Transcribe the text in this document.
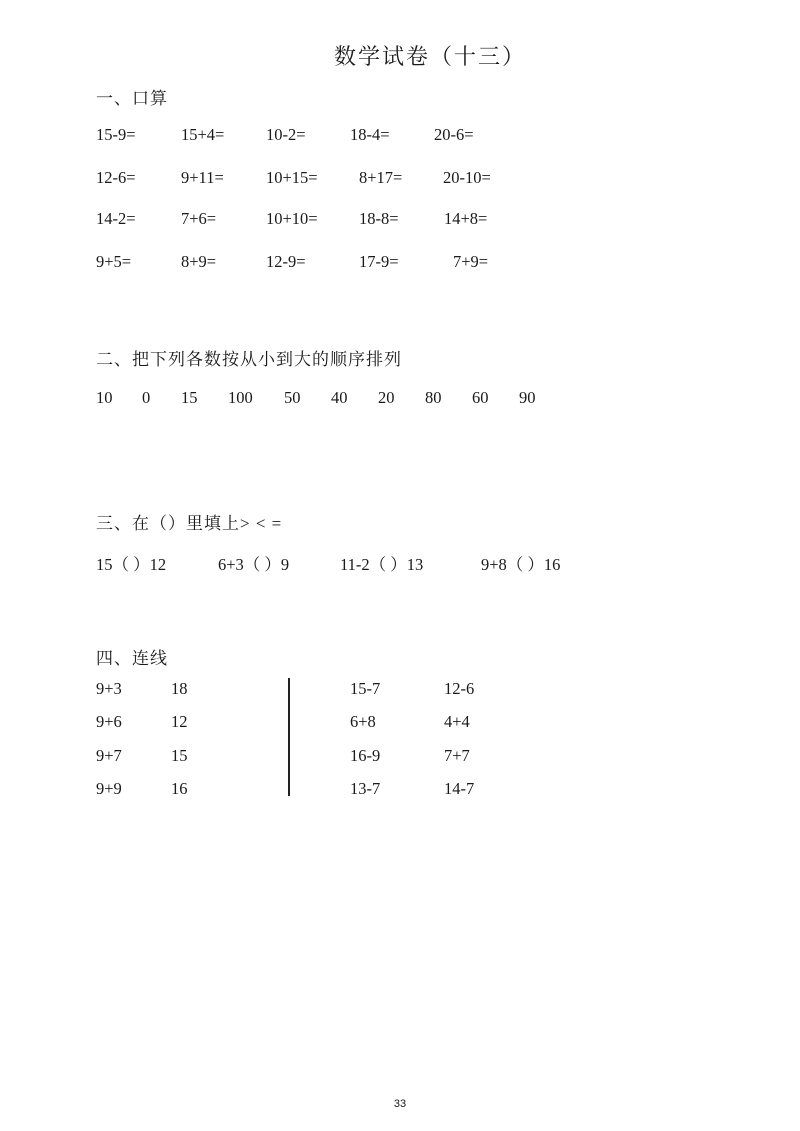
数学试卷（十三）
一、口算
15-9=	15+4=	10-2=	18-4=	20-6=
12-6=	9+11=	10+15=	8+17= 20-10=
14-2=	7+6=	10+10=	18-8=	14+8=
9+5=	8+9=	12-9=	17-9=	7+9=
二、把下列各数按从小到大的顺序排列
10 0 15 100 50 40 20 80 60 90
三、在（）里填上> < =
15（ ）12	6+3（ ）9	11-2（ ）13	9+8（ ）16
四、连线
9+3	18
9+6	12
9+7	15
9+9	16
15-7	12-6
6+8	4+4
16-9	7+7
13-7	14-7
33
